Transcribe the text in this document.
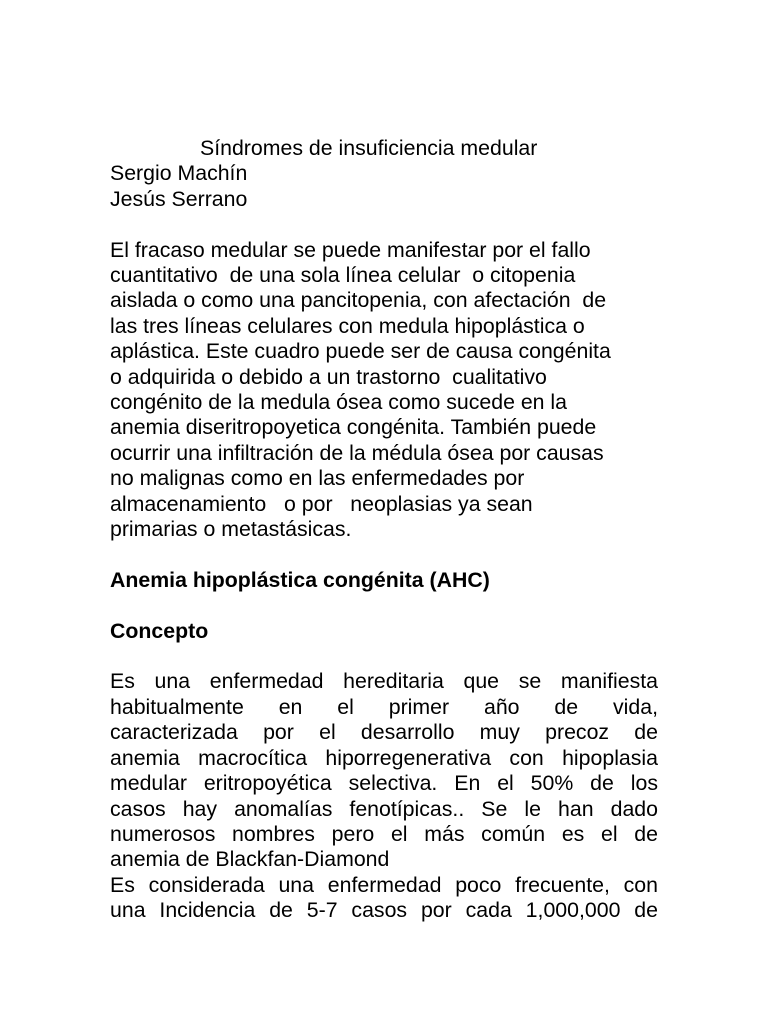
Síndromes de insuficiencia medular
Sergio Machín
Jesús Serrano
El fracaso medular se puede manifestar por el fallo
cuantitativo  de una sola línea celular  o citopenia
aislada o como una pancitopenia, con afectación  de
las tres líneas celulares con medula hipoplástica o
aplástica. Este cuadro puede ser de causa congénita
o adquirida o debido a un trastorno  cualitativo
congénito de la medula ósea como sucede en la
anemia diseritropoyetica congénita. También puede
ocurrir una infiltración de la médula ósea por causas
no malignas como en las enfermedades por
almacenamiento   o por   neoplasias ya sean
primarias o metastásicas.
Anemia hipoplástica congénita (AHC)
Concepto
Es una enfermedad hereditaria que se manifiesta
habitualmente en el primer año de vida,
caracterizada por el desarrollo muy precoz de
anemia macrocítica hiporregenerativa con hipoplasia
medular eritropoyética selectiva. En el 50% de los
casos hay anomalías fenotípicas.. Se le han dado
numerosos nombres pero el más común es el de
anemia de Blackfan-Diamond
Es considerada una enfermedad poco frecuente, con
una Incidencia de 5-7 casos por cada 1,000,000 de
